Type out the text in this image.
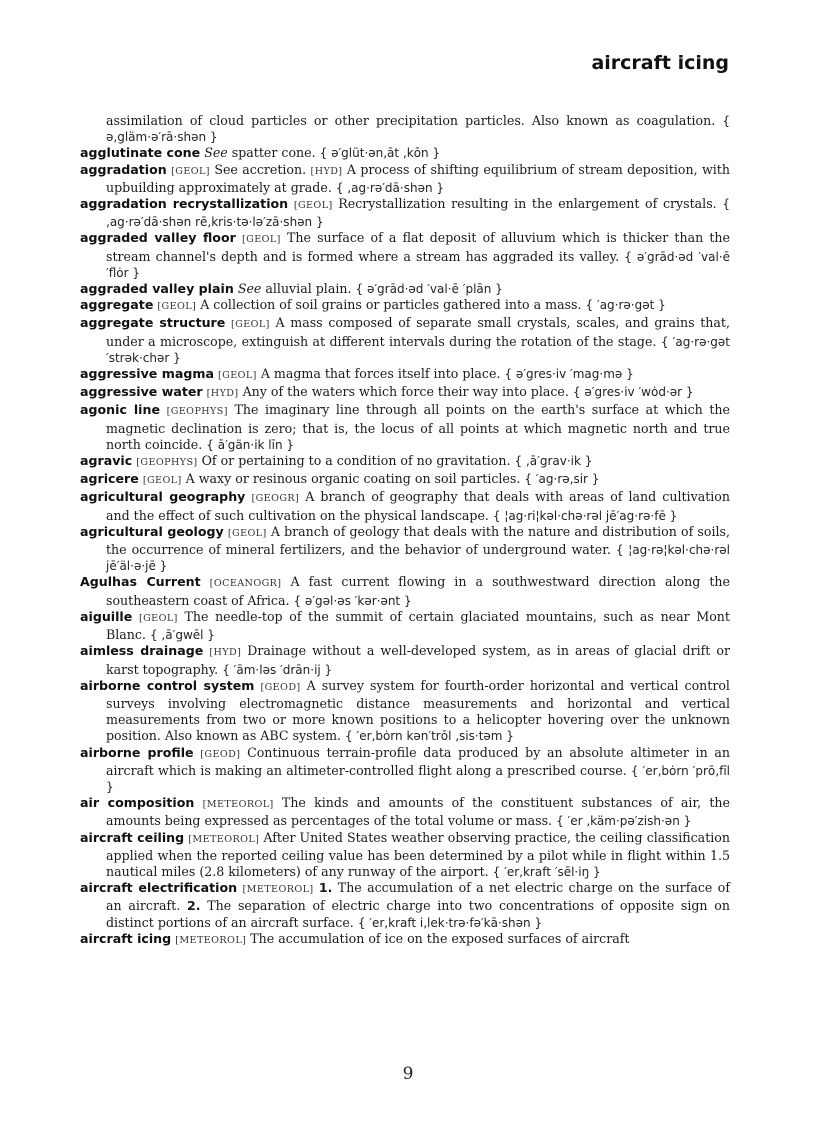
aircraft icing

assimilation of cloud particles or other precipitation particles. Also known as coagulation. { ə‚gläm·ə′rā·shən }

agglutinate cone See spatter cone. { ə′glüt·ən‚āt ‚kōn }

aggradation [GEOL] See accretion. [HYD] A process of shifting equilibrium of stream deposition, with upbuilding approximately at grade. { ‚ag·rə′dā·shən }

aggradation recrystallization [GEOL] Recrystallization resulting in the enlargement of crystals. { ‚ag·rə′dā·shən rē‚kris·tə·lə′zā·shən }

aggraded valley floor [GEOL] The surface of a flat deposit of alluvium which is thicker than the stream channel's depth and is formed where a stream has aggraded its valley. { ə′grād·əd ′val·ē ′flȯr }

aggraded valley plain See alluvial plain. { ə′grād·əd ′val·ē ′plān }

aggregate [GEOL] A collection of soil grains or particles gathered into a mass. { ′ag·rə·gət }

aggregate structure [GEOL] A mass composed of separate small crystals, scales, and grains that, under a microscope, extinguish at different intervals during the rotation of the stage. { ′ag·rə·gət ′strək·chər }

aggressive magma [GEOL] A magma that forces itself into place. { ə′gres·iv ′mag·mə }

aggressive water [HYD] Any of the waters which force their way into place. { ə′gres·iv ′wȯd·ər }

agonic line [GEOPHYS] The imaginary line through all points on the earth's surface at which the magnetic declination is zero; that is, the locus of all points at which magnetic north and true north coincide. { ā′gän·ik līn }

agravic [GEOPHYS] Of or pertaining to a condition of no gravitation. { ‚ā′grav·ik }

agricere [GEOL] A waxy or resinous organic coating on soil particles. { ′ag·rə‚sir }

agricultural geography [GEOGR] A branch of geography that deals with areas of land cultivation and the effect of such cultivation on the physical landscape. { ¦ag·ri¦kəl·chə·rəl jē′ag·rə·fē }

agricultural geology [GEOL] A branch of geology that deals with the nature and distribution of soils, the occurrence of mineral fertilizers, and the behavior of underground water. { ¦ag·rə¦kəl·chə·rəl jē′äl·ə·jē }

Agulhas Current [OCEANOGR] A fast current flowing in a southwestward direction along the southeastern coast of Africa. { ə′gəl·əs ′kər·ənt }

aiguille [GEOL] The needle-top of the summit of certain glaciated mountains, such as near Mont Blanc. { ‚ā′gwēl }

aimless drainage [HYD] Drainage without a well-developed system, as in areas of glacial drift or karst topography. { ′ām·ləs ′drān·ij }

airborne control system [GEOD] A survey system for fourth-order horizontal and vertical control surveys involving electromagnetic distance measurements and horizontal and vertical measurements from two or more known positions to a helicopter hovering over the unknown position. Also known as ABC system. { ′er‚bȯrn kən′trōl ‚sis·təm }

airborne profile [GEOD] Continuous terrain-profile data produced by an absolute altimeter in an aircraft which is making an altimeter-controlled flight along a prescribed course. { ′er‚bȯrn ′prō‚fīl }

air composition [METEOROL] The kinds and amounts of the constituent substances of air, the amounts being expressed as percentages of the total volume or mass. { ′er ‚käm·pə′zish·ən }

aircraft ceiling [METEOROL] After United States weather observing practice, the ceiling classification applied when the reported ceiling value has been determined by a pilot while in flight within 1.5 nautical miles (2.8 kilometers) of any runway of the airport. { ′er‚kraft ′sēl·iŋ }

aircraft electrification [METEOROL] 1. The accumulation of a net electric charge on the surface of an aircraft. 2. The separation of electric charge into two concentrations of opposite sign on distinct portions of an aircraft surface. { ′er‚kraft i‚lek·trə·fə′kā·shən }

aircraft icing [METEOROL] The accumulation of ice on the exposed surfaces of aircraft

9
